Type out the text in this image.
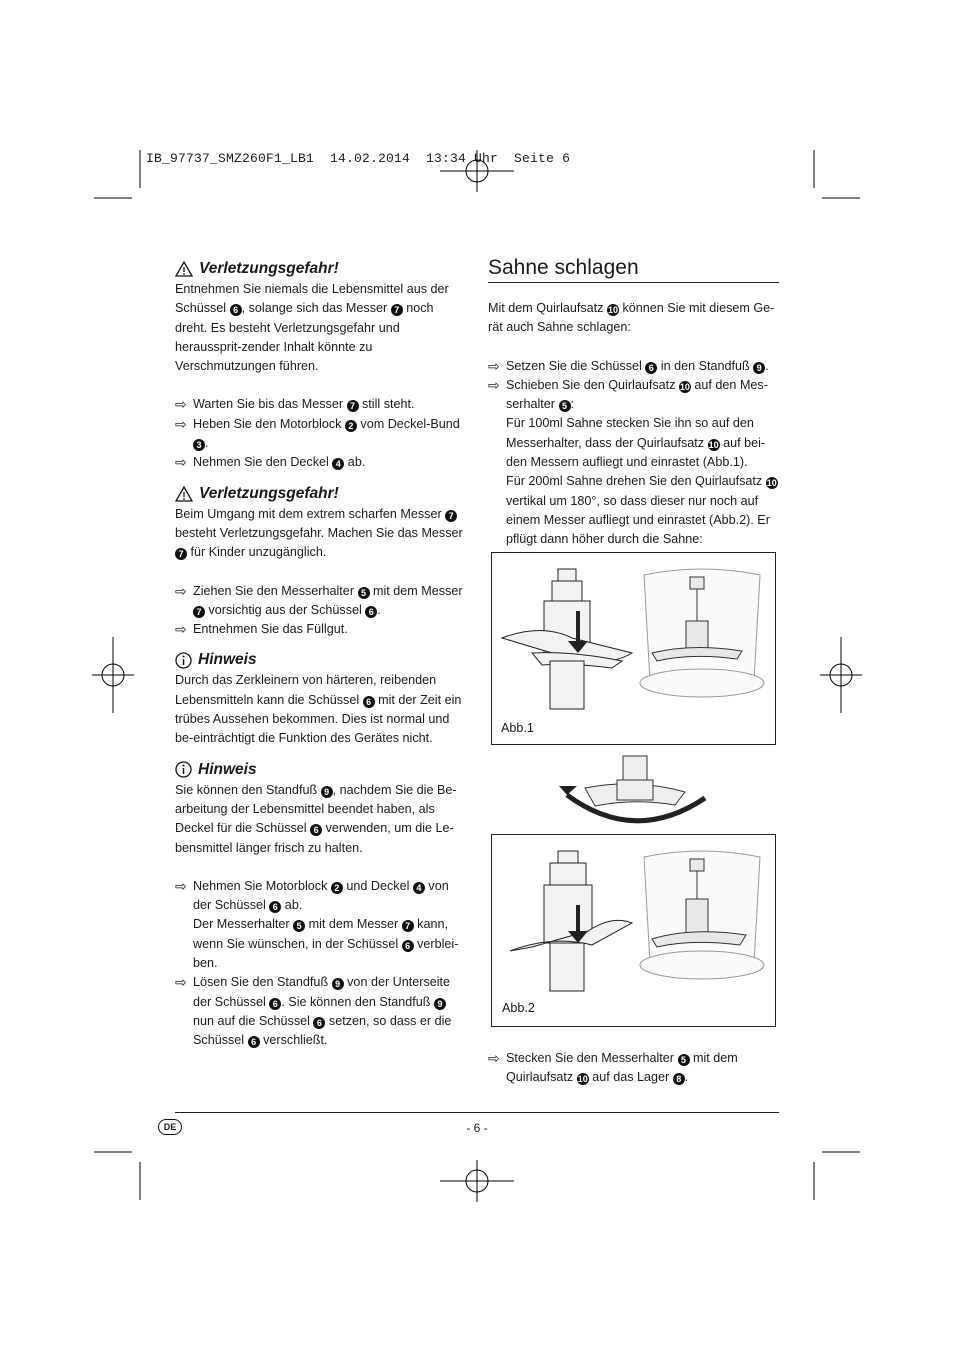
IB_97737_SMZ260F1_LB1  14.02.2014  13:34 Uhr  Seite 6
Verletzungsgefahr!

Entnehmen Sie niemals die Lebensmittel aus der Schüssel 6 , solange sich das Messer 7 noch dreht. Es besteht Verletzungsgefahr und heraussprit-zender Inhalt könnte zu Verschmutzungen führen.

⇨ Warten Sie bis das Messer 7 still steht.
⇨ Heben Sie den Motorblock 2 vom Deckel-Bund 3 .
⇨ Nehmen Sie den Deckel 4 ab.
Verletzungsgefahr!

Beim Umgang mit dem extrem scharfen Messer 7 besteht Verletzungsgefahr. Machen Sie das Messer 7 für Kinder unzugänglich.

⇨ Ziehen Sie den Messerhalter 5 mit dem Messer 7 vorsichtig aus der Schüssel 6 .
⇨ Entnehmen Sie das Füllgut.
Hinweis

Durch das Zerkleinern von härteren, reibenden Lebensmitteln kann die Schüssel 6 mit der Zeit ein trübes Aussehen bekommen. Dies ist normal und be-einträchtigt die Funktion des Gerätes nicht.

Hinweis

Sie können den Standfuß 9 , nachdem Sie die Be-arbeitung der Lebensmittel beendet haben, als Deckel für die Schüssel 6 verwenden, um die Le-bensmittel länger frisch zu halten.

⇨ Nehmen Sie Motorblock 2 und Deckel 4 von der Schüssel 6 ab.
Der Messerhalter 5 mit dem Messer 7 kann, wenn Sie wünschen, in der Schüssel 6 verblei-ben.
⇨ Lösen Sie den Standfuß 9 von der Unterseite der Schüssel 6 . Sie können den Standfuß 9 nun auf die Schüssel 6 setzen, so dass er die Schüssel 6 verschließt.
Sahne schlagen

Mit dem Quirlaufsatz 10 können Sie mit diesem Ge-rät auch Sahne schlagen:

⇨ Setzen Sie die Schüssel 6 in den Standfuß 9 .
⇨ Schieben Sie den Quirlaufsatz 10 auf den Mes-serhalter 5 :
Für 100ml Sahne stecken Sie ihn so auf den Messerhalter, dass der Quirlaufsatz 10 auf bei-den Messern aufliegt und einrastet (Abb.1).
Für 200ml Sahne drehen Sie den Quirlaufsatz 10 vertikal um 180°, so dass dieser nur noch auf einem Messer aufliegt und einrastet (Abb.2). Er pflügt dann höher durch die Sahne:
Abb.1
Abb.2
⇨ Stecken Sie den Messerhalter 5 mit dem Quirlaufsatz 10 auf das Lager 8 .
DE	- 6 -
